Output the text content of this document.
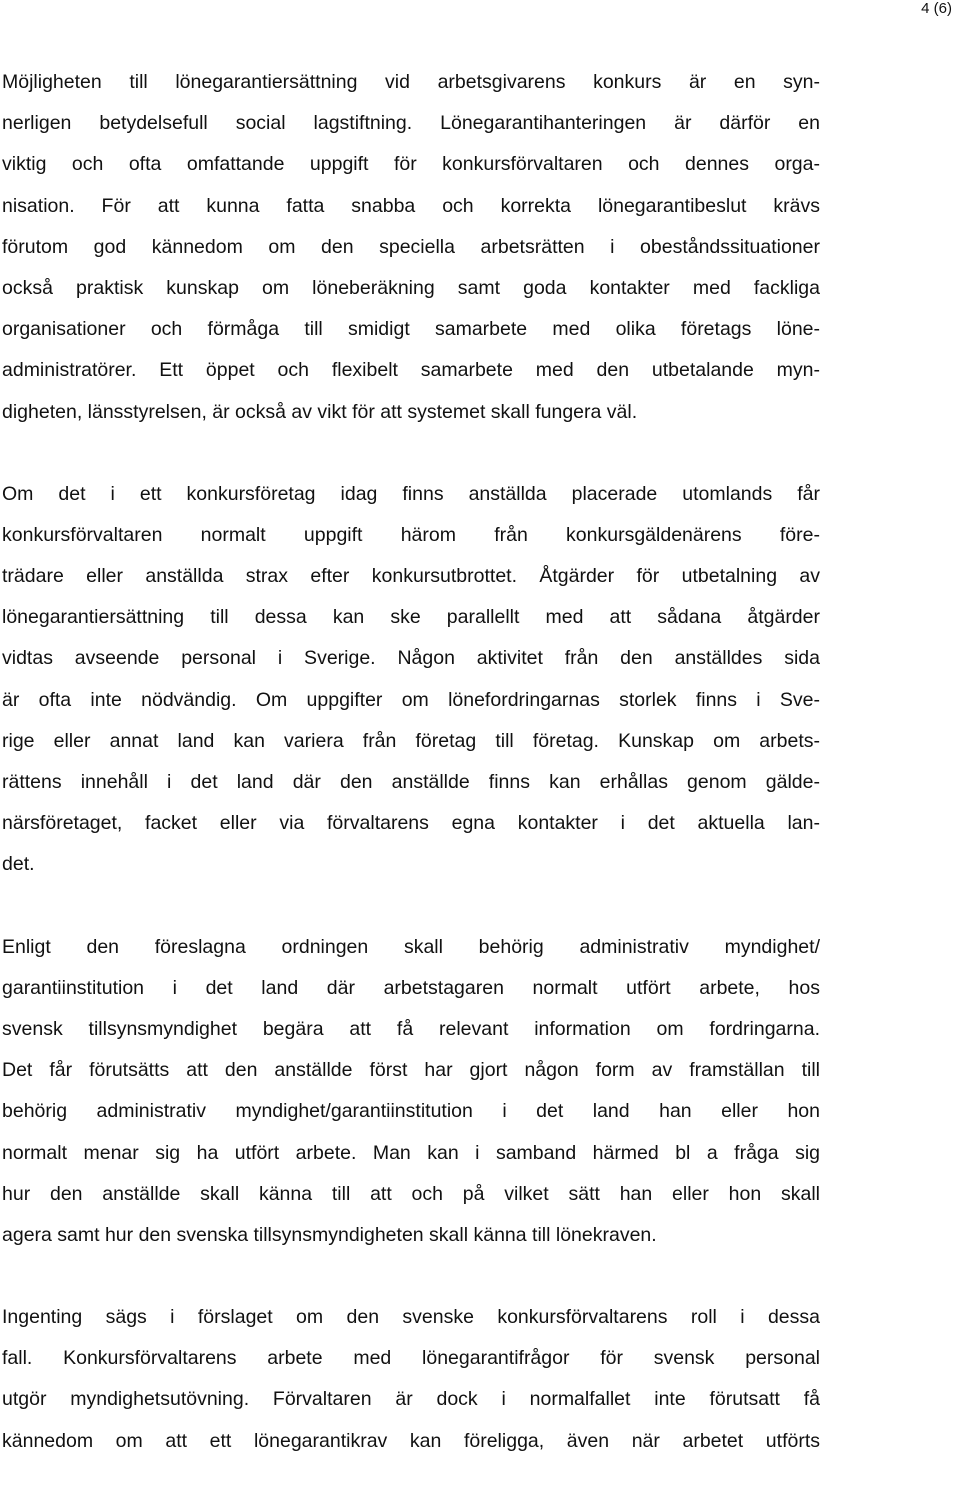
4 (6)
Möjligheten till lönegarantiersättning vid arbetsgivarens konkurs är en syn-
nerligen betydelsefull social lagstiftning. Lönegarantihanteringen är därför en
viktig och ofta omfattande uppgift för konkursförvaltaren och dennes orga-
nisation. För att kunna fatta snabba och korrekta lönegarantibeslut krävs
förutom god kännedom om den speciella arbetsrätten i obeståndssituationer
också praktisk kunskap om löneberäkning samt goda kontakter med fackliga
organisationer och förmåga till smidigt samarbete med olika företags löne-
administratörer. Ett öppet och flexibelt samarbete med den utbetalande myn-
digheten, länsstyrelsen, är också av vikt för att systemet skall fungera väl.
Om det i ett konkursföretag idag finns anställda placerade utomlands får
konkursförvaltaren normalt uppgift härom från konkursgäldenärens före-
trädare eller anställda strax efter konkursutbrottet. Åtgärder för utbetalning av
lönegarantiersättning till dessa kan ske parallellt med att sådana åtgärder
vidtas avseende personal i Sverige. Någon aktivitet från den anställdes sida
är ofta inte nödvändig. Om uppgifter om lönefordringarnas storlek finns i Sve-
rige eller annat land kan variera från företag till företag. Kunskap om arbets-
rättens innehåll i det land där den anställde finns kan erhållas genom gälde-
närsföretaget, facket eller via förvaltarens egna kontakter i det aktuella lan-
det.
Enligt den föreslagna ordningen skall behörig administrativ myndighet/
garantiinstitution i det land där arbetstagaren normalt utfört arbete, hos
svensk tillsynsmyndighet begära att få relevant information om fordringarna.
Det får förutsätts att den anställde först har gjort någon form av framställan till
behörig administrativ myndighet/garantiinstitution i det land han eller hon
normalt menar sig ha utfört arbete. Man kan i samband härmed bl a fråga sig
hur den anställde skall känna till att och på vilket sätt han eller hon skall
agera samt hur den svenska tillsynsmyndigheten skall känna till lönekraven.
Ingenting sägs i förslaget om den svenske konkursförvaltarens roll i dessa
fall. Konkursförvaltarens arbete med lönegarantifrågor för svensk personal
utgör myndighetsutövning. Förvaltaren är dock i normalfallet inte förutsatt få
kännedom om att ett lönegarantikrav kan föreligga, även när arbetet utförts
